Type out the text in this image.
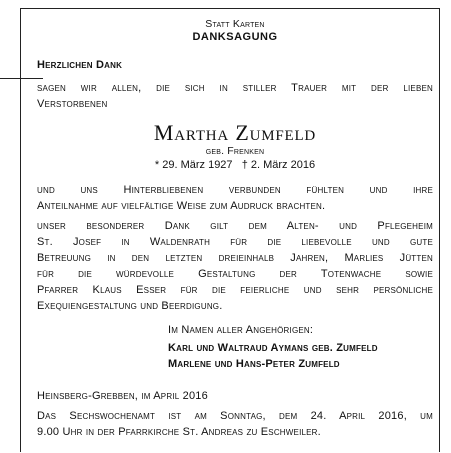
Statt Karten
DANKSAGUNG
Herzlichen Dank
sagen wir allen, die sich in stiller Trauer mit der lieben
Verstorbenen
Martha Zumfeld
geb. Frenken
* 29. März 1927   † 2. März 2016
und uns Hinterbliebenen verbunden fühlten und ihre
Anteilnahme auf vielfältige Weise zum Audruck brachten.
unser besonderer Dank gilt dem Alten- und Pflegeheim
St. Josef in Waldenrath für die liebevolle und gute
Betreuung in den letzten dreieinhalb Jahren, Marlies Jütten
für die würdevolle Gestaltung der Totenwache sowie
Pfarrer Klaus Esser für die feierliche und sehr persönliche
Exequiengestaltung und Beerdigung.
Im Namen aller Angehörigen:
Karl und Waltraud Aymans geb. Zumfeld
Marlene und Hans-Peter Zumfeld
Heinsberg-Grebben, im April 2016
Das Sechswochenamt ist am Sonntag, dem 24. April 2016, um
9.00 Uhr in der Pfarrkirche St. Andreas zu Eschweiler.
